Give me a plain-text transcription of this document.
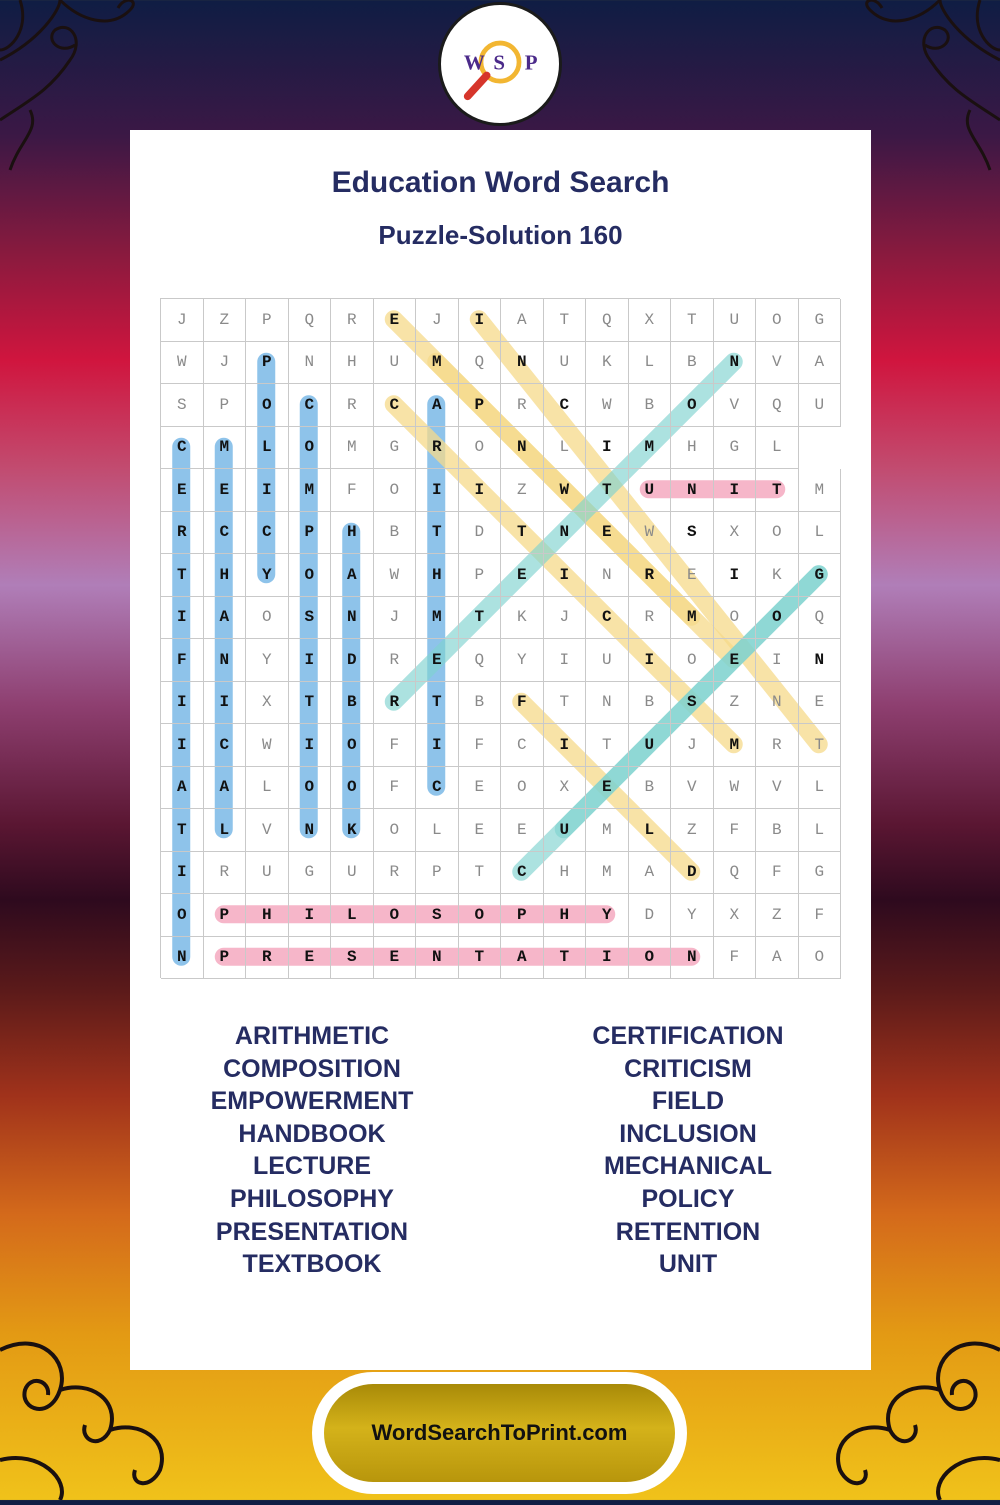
W S P
Education Word Search
Puzzle-Solution 160
J	Z	P	Q	R	E	J	I	A	T	Q	X	T	U	O	G
W	J	P	N	H	U	M	Q	N	U	K	L	B	N	V	A
S	P	O	C	R	C	A	P	R	C	W	B	O	V	Q	U
C	M	L	O	M	G	R	O	N	L	I	M	H	G	L
E	E	I	M	F	O	I	I	Z	W	T	U	N	I	T	M
R	C	C	P	H	B	T	D	T	N	E	W	S	X	O	L
T	H	Y	O	A	W	H	P	E	I	N	R	E	I	K	G
I	A	O	S	N	J	M	T	K	J	C	R	M	O	O	Q
F	N	Y	I	D	R	E	Q	Y	I	U	I	O	E	I	N
I	I	X	T	B	R	T	B	F	T	N	B	S	Z	N	E
I	C	W	I	O	F	I	F	C	I	T	U	J	M	R	T
A	A	L	O	O	F	C	E	O	X	E	B	V	W	V	L
T	L	V	N	K	O	L	E	E	U	M	L	Z	F	B	L
I	R	U	G	U	R	P	T	C	H	M	A	D	Q	F	G
O	P	H	I	L	O	S	O	P	H	Y	D	Y	X	Z	F
N	P	R	E	S	E	N	T	A	T	I	O	N	F	A	O
ARITHMETIC
COMPOSITION
EMPOWERMENT
HANDBOOK
LECTURE
PHILOSOPHY
PRESENTATION
TEXTBOOK
CERTIFICATION
CRITICISM
FIELD
INCLUSION
MECHANICAL
POLICY
RETENTION
UNIT
WordSearchToPrint.com
